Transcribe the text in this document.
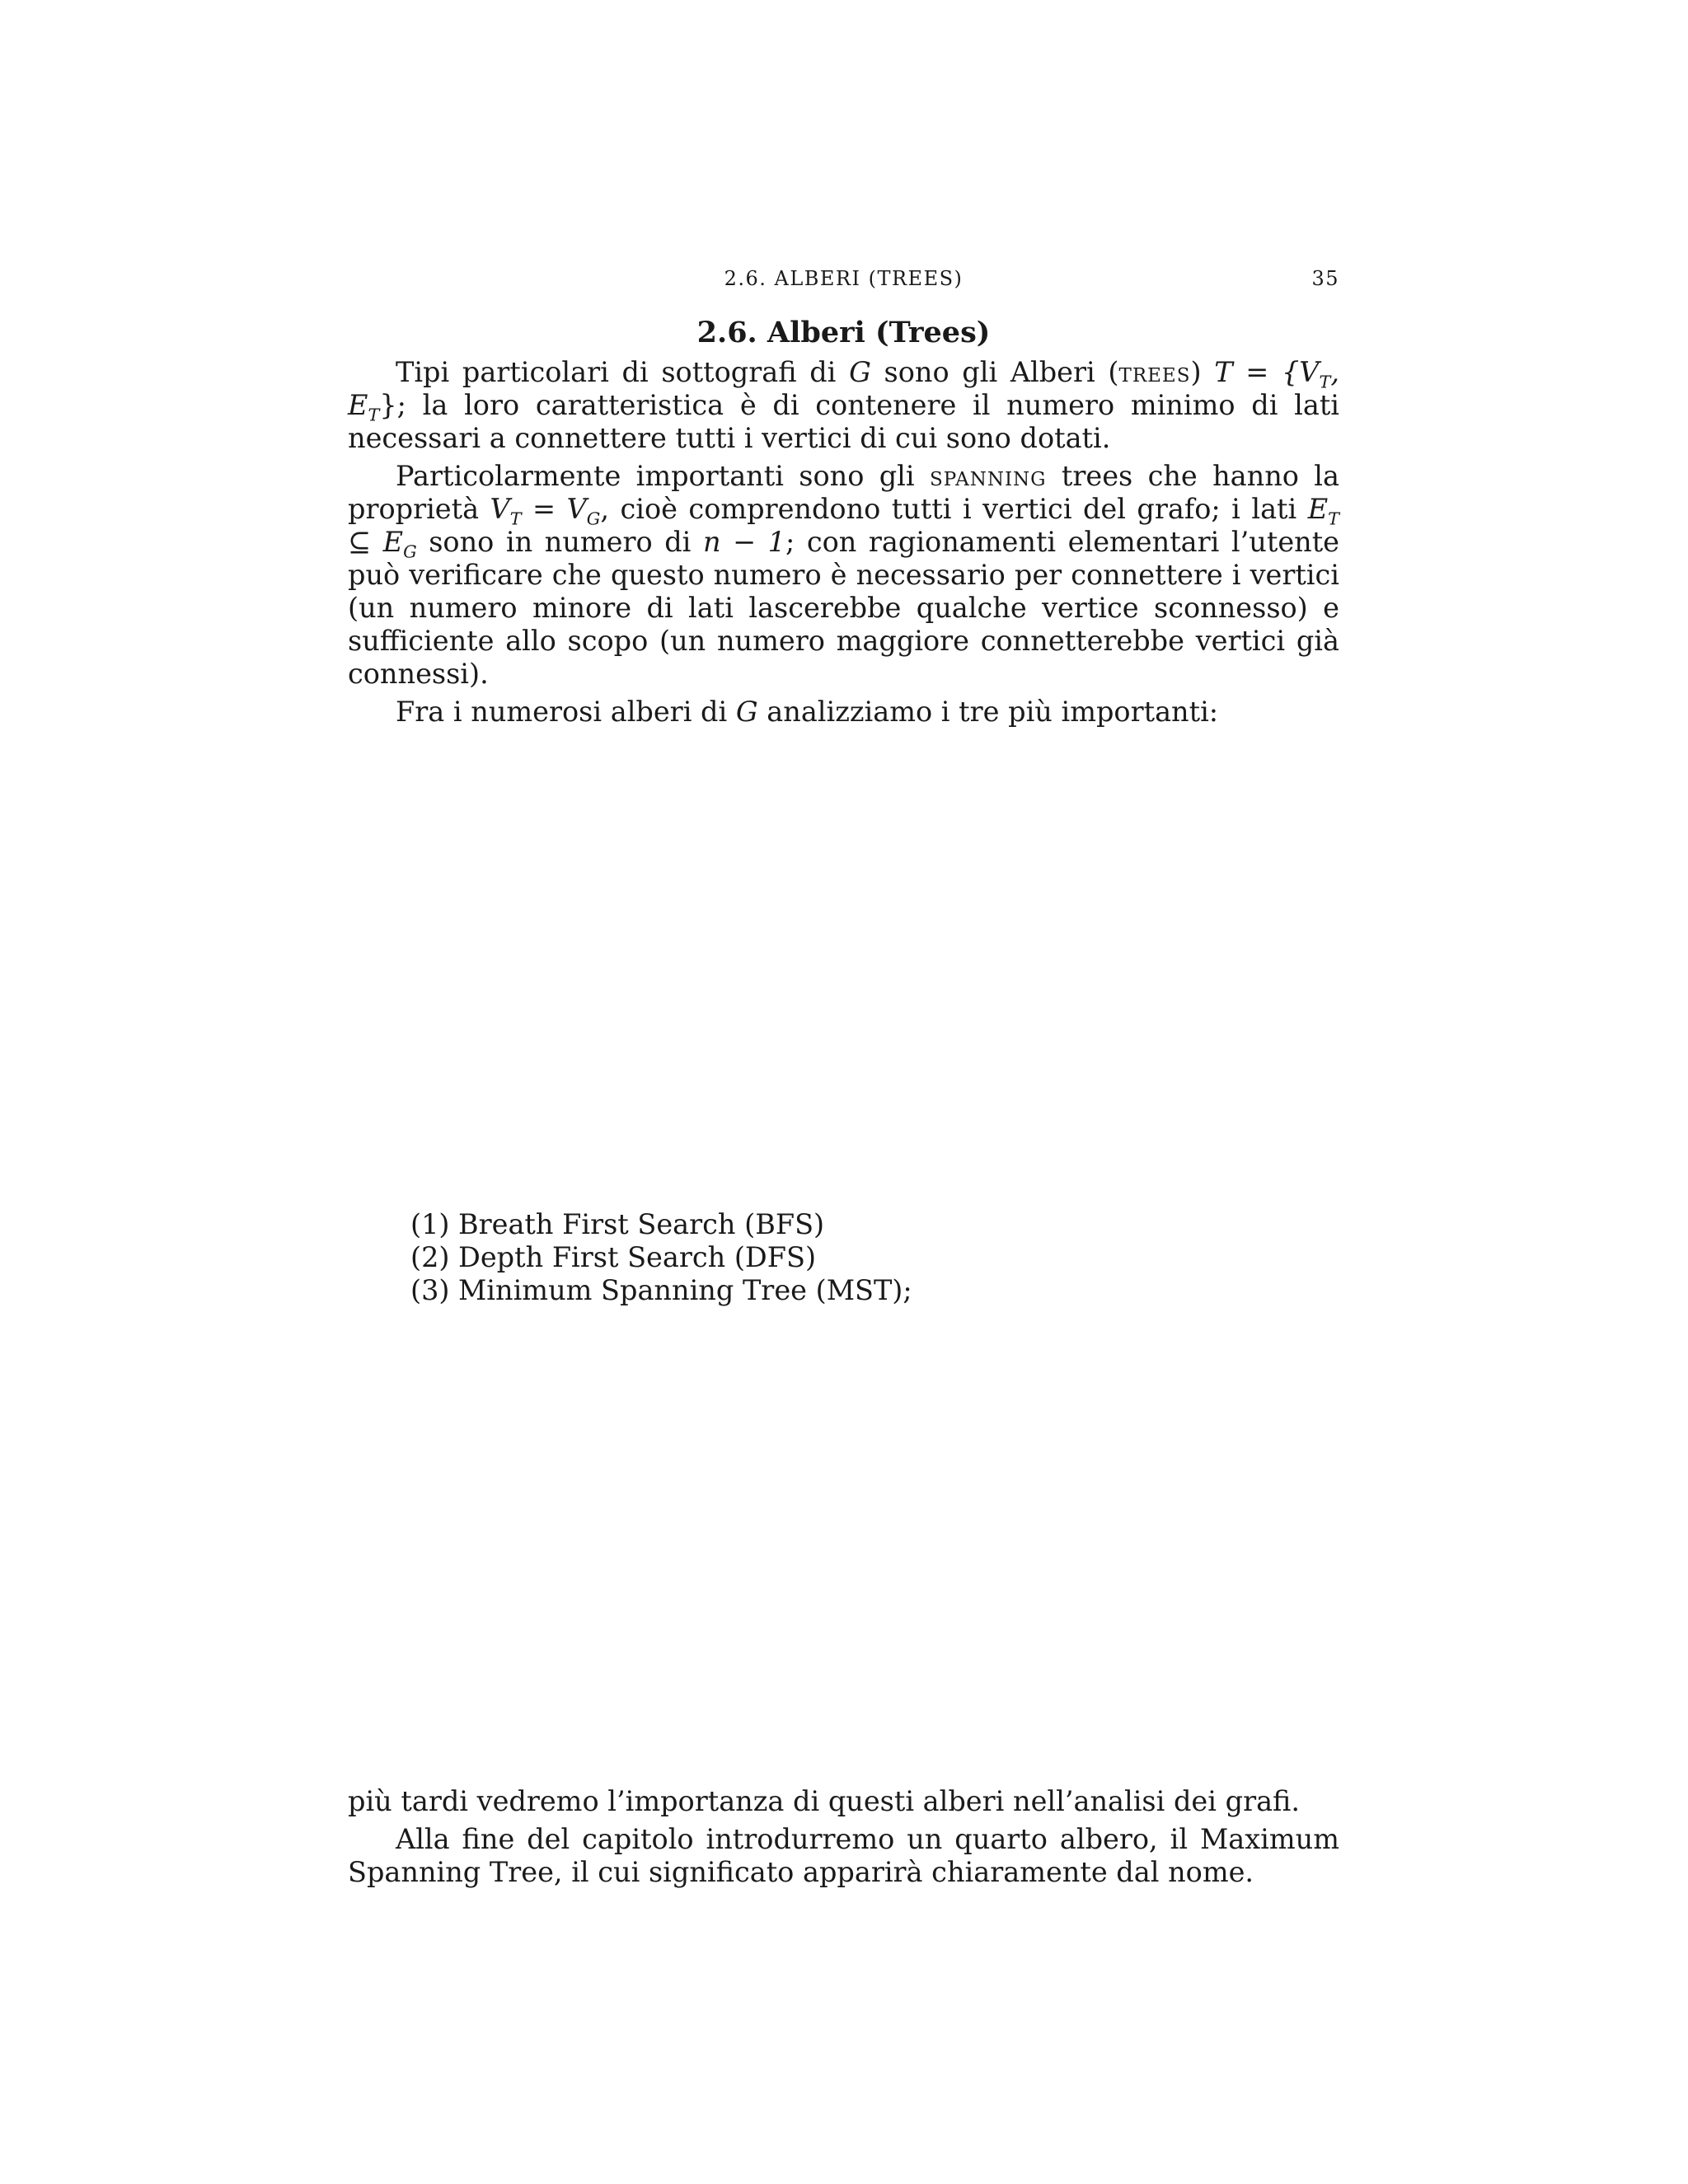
2.6. ALBERI (TREES)	35
2.6. Alberi (Trees)

Tipi particolari di sottografi di G sono gli Alberi (trees) $T = \{V_T$, $E_T$}; la loro caratteristica è di contenere il numero minimo di lati necessari a connettere tutti i vertici di cui sono dotati.

Particolarmente importanti sono gli spanning trees che hanno la proprietà $V_T = V_G$, cioè comprendono tutti i vertici del grafo; i lati $E_T$ ⊆ $E_G$ sono in numero di n − 1; con ragionamenti elementari l’utente può verificare che questo numero è necessario per connettere i vertici (un numero minore di lati lascerebbe qualche vertice sconnesso) e sufficiente allo scopo (un numero maggiore connetterebbe vertici già connessi).

Fra i numerosi alberi di G analizziamo i tre più importanti:

(1) Breath First Search (BFS)
(2) Depth First Search (DFS)
(3) Minimum Spanning Tree (MST);

più tardi vedremo l’importanza di questi alberi nell’analisi dei grafi.

Alla fine del capitolo introdurremo un quarto albero, il Maximum Spanning Tree, il cui significato apparirà chiaramente dal nome.
